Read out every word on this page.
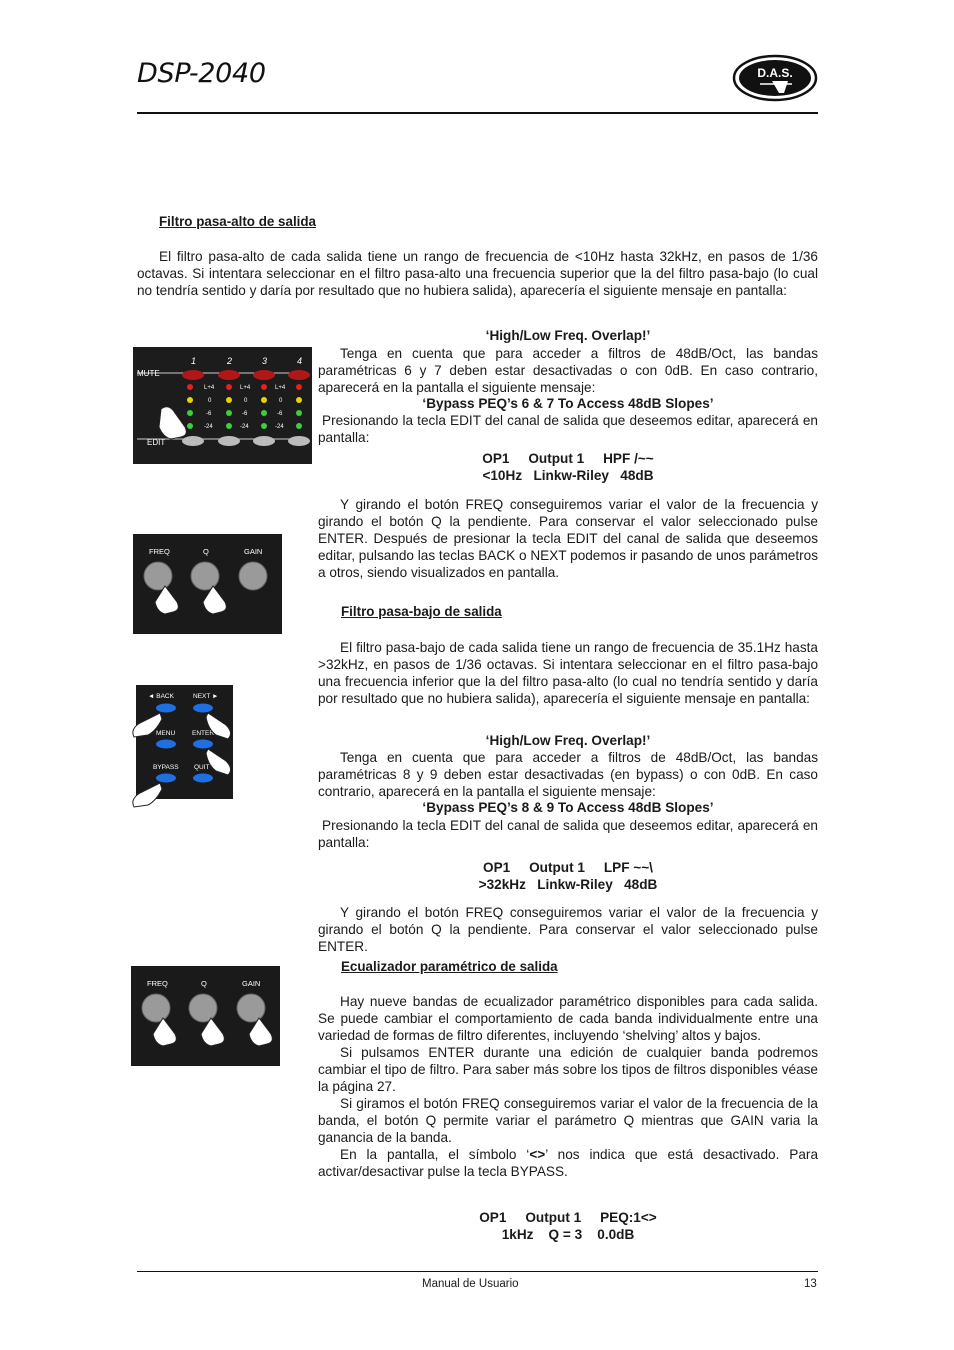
DSP-2040	D.A.S.
Filtro pasa-alto de salida

El filtro pasa-alto de cada salida tiene un rango de frecuencia de <10Hz hasta 32kHz, en pasos de 1/36 octavas. Si intentara seleccionar en el filtro pasa-alto una frecuencia superior que la del filtro pasa-bajo (lo cual no tendría sentido y daría por resultado que no hubiera salida), aparecería el siguiente mensaje en pantalla:

‘High/Low Freq. Overlap!’

Tenga en cuenta que para acceder a filtros de 48dB/Oct, las bandas paramétricas 6 y 7 deben estar desactivadas o con 0dB. En caso contrario, aparecerá en la pantalla el siguiente mensaje:

‘Bypass PEQ’s 6 & 7 To Access 48dB Slopes’

Presionando la tecla EDIT del canal de salida que deseemos editar, aparecerá en pantalla:

OP1     Output 1     HPF /~~
<10Hz   Linkw-Riley   48dB

Y girando el botón FREQ conseguiremos variar el valor de la frecuencia y girando el botón Q la pendiente. Para conservar el valor seleccionado pulse ENTER. Después de presionar la tecla EDIT del canal de salida que deseemos editar, pulsando las teclas BACK o NEXT podemos ir pasando de unos parámetros a otros, siendo visualizados en pantalla.

MUTE
1	2	3	4
L+4
0
-6
-24
L+4
0
-6
-24
L+4
0
-6
-24
EDIT
FREQ	Q	GAIN
Filtro pasa-bajo de salida

El filtro pasa-bajo de cada salida tiene un rango de frecuencia de 35.1Hz hasta >32kHz, en pasos de 1/36 octavas. Si intentara seleccionar en el filtro pasa-bajo una frecuencia inferior que la del filtro pasa-alto (lo cual no tendría sentido y daría por resultado que no hubiera salida), aparecería el siguiente mensaje en pantalla:

‘High/Low Freq. Overlap!’

Tenga en cuenta que para acceder a filtros de 48dB/Oct, las bandas paramétricas 8 y 9 deben estar desactivadas (en bypass) o con 0dB. En caso contrario, aparecerá en la pantalla el siguiente mensaje:

‘Bypass PEQ’s 8 & 9 To Access 48dB Slopes’

Presionando la tecla EDIT del canal de salida que deseemos editar, aparecerá en pantalla:

OP1     Output 1     LPF ~~\
>32kHz   Linkw-Riley   48dB

Y girando el botón FREQ conseguiremos variar el valor de la frecuencia y girando el botón Q la pendiente. Para conservar el valor seleccionado pulse ENTER.

◄ BACK	NEXT ►
MENU	ENTER
BYPASS QUIT
FREQ	Q	GAIN
Ecualizador paramétrico de salida

Hay nueve bandas de ecualizador paramétrico disponibles para cada salida. Se puede cambiar el comportamiento de cada banda individualmente entre una variedad de formas de filtro diferentes, incluyendo ‘shelving’ altos y bajos.

Si pulsamos ENTER durante una edición de cualquier banda podremos cambiar el tipo de filtro. Para saber más sobre los tipos de filtros disponibles véase la página 27.

Si giramos el botón FREQ conseguiremos variar el valor de la frecuencia de la banda, el botón Q permite variar el parámetro Q mientras que GAIN varia la ganancia de la banda.

En la pantalla, el símbolo ‘<>’ nos indica que está desactivado. Para activar/desactivar pulse la tecla BYPASS.

OP1     Output 1     PEQ:1<>
1kHz    Q = 3    0.0dB
Manual de Usuario	13
